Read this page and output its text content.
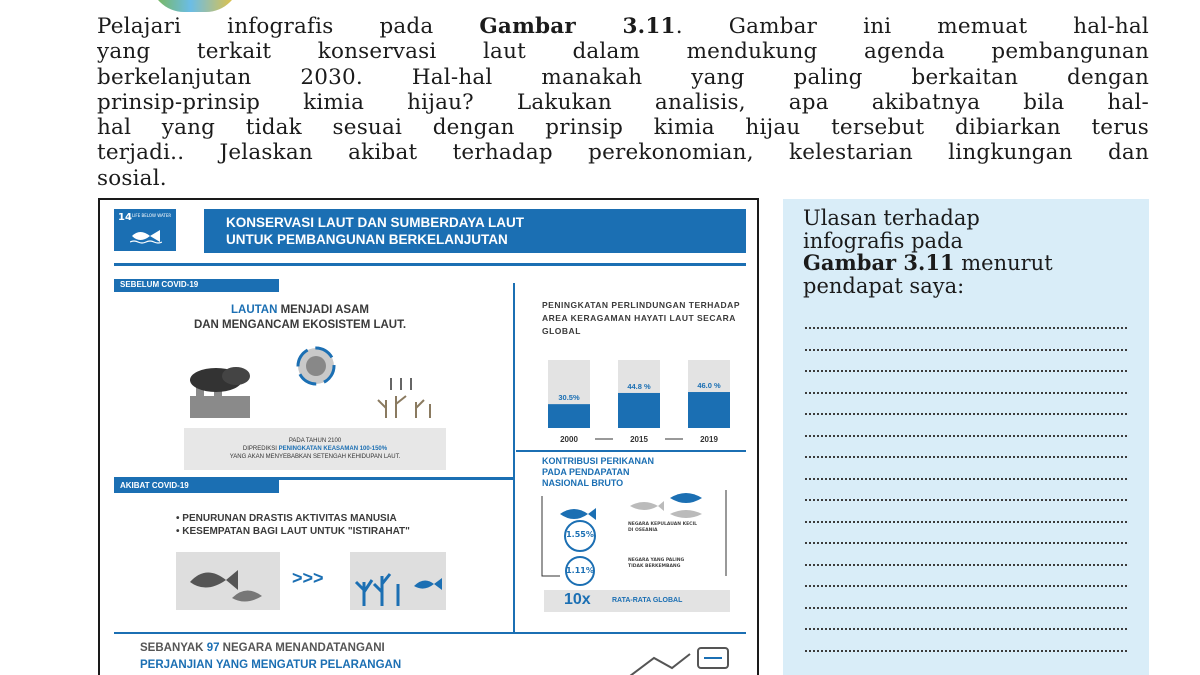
Pelajari infografis pada Gambar 3.11. Gambar ini memuat hal-hal
yang terkait konservasi laut dalam mendukung agenda pembangunan
berkelanjutan 2030. Hal-hal manakah yang paling berkaitan dengan
prinsip-prinsip kimia hijau? Lakukan analisis, apa akibatnya bila hal-
hal yang tidak sesuai dengan prinsip kimia hijau tersebut dibiarkan terus
terjadi.. Jelaskan akibat terhadap perekonomian, kelestarian lingkungan dan
sosial.
14 LIFE BELOW WATER	KONSERVASI LAUT DAN SUMBERDAYA LAUT
UNTUK PEMBANGUNAN BERKELANJUTAN
SEBELUM COVID-19
LAUTAN MENJADI ASAM
DAN MENGANCAM EKOSISTEM LAUT.
PADA TAHUN 2100
DIPREDIKSI PENINGKATAN KEASAMAN 100-150%
YANG AKAN MENYEBABKAN SETENGAH KEHIDUPAN LAUT.
AKIBAT COVID-19
• PENURUNAN DRASTIS AKTIVITAS MANUSIA
• KESEMPATAN BAGI LAUT UNTUK "ISTIRAHAT"
>>>
PENINGKATAN PERLINDUNGAN TERHADAP AREA KERAGAMAN HAYATI LAUT SECARA GLOBAL
30.5%
2000
44.8 %
2015
46.0 %
2019
KONTRIBUSI PERIKANAN
PADA PENDAPATAN
NASIONAL BRUTO
1.55%
NEGARA KEPULAUAN KECIL DI OSEANIA
1.11%
NEGARA YANG PALING TIDAK BERKEMBANG
10x	RATA-RATA GLOBAL
SEBANYAK 97 NEGARA MENANDATANGANI
PERJANJIAN YANG MENGATUR PELARANGAN
Ulasan terhadap
infografis pada
Gambar 3.11 menurut
pendapat saya:
